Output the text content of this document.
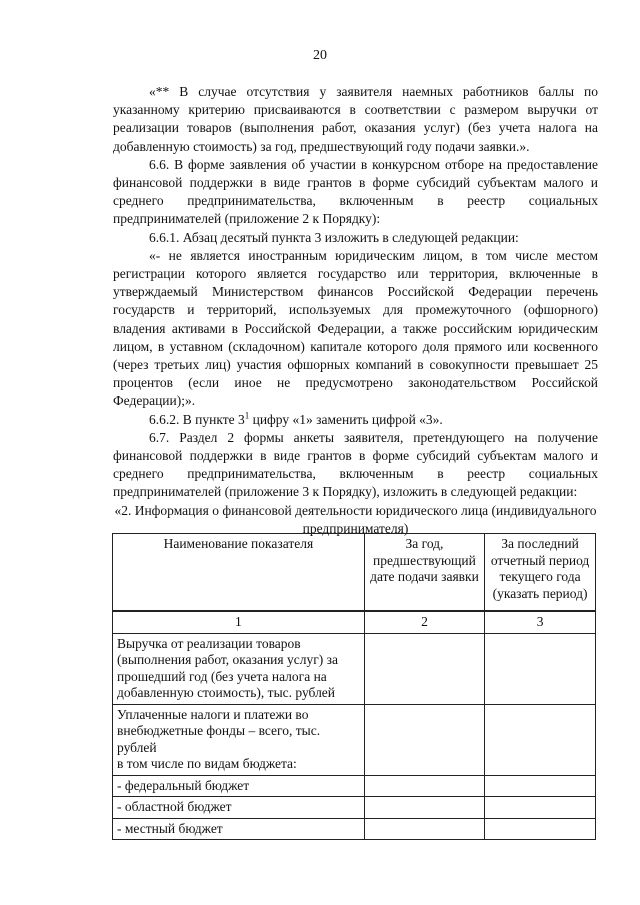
20

«** В случае отсутствия у заявителя наемных работников баллы по указанному критерию присваиваются в соответствии с размером выручки от реализации товаров (выполнения работ, оказания услуг) (без учета налога на добавленную стоимость) за год, предшествующий году подачи заявки.».

6.6. В форме заявления об участии в конкурсном отборе на предоставление финансовой поддержки в виде грантов в форме субсидий субъектам малого и среднего предпринимательства, включенным в реестр социальных предпринимателей (приложение 2 к Порядку):

6.6.1. Абзац десятый пункта 3 изложить в следующей редакции:

«- не является иностранным юридическим лицом, в том числе местом регистрации которого является государство или территория, включенные в утверждаемый Министерством финансов Российской Федерации перечень государств и территорий, используемых для промежуточного (офшорного) владения активами в Российской Федерации, а также российским юридическим лицом, в уставном (складочном) капитале которого доля прямого или косвенного (через третьих лиц) участия офшорных компаний в совокупности превышает 25 процентов (если иное не предусмотрено законодательством Российской Федерации);».

6.6.2. В пункте $3^1$ цифру «1» заменить цифрой «3».

6.7. Раздел 2 формы анкеты заявителя, претендующего на получение финансовой поддержки в виде грантов в форме субсидий субъектам малого и среднего предпринимательства, включенным в реестр социальных предпринимателей (приложение 3 к Порядку), изложить в следующей редакции:

«2. Информация о финансовой деятельности юридического лица (индивидуального предпринимателя)

Наименование показателя	За год, предшествующий дате подачи заявки	За последний отчетный период текущего года (указать период)
1	2	3
Выручка от реализации товаров (выполнения работ, оказания услуг) за прошедший год (без учета налога на добавленную стоимость), тыс. рублей		
Уплаченные налоги и платежи во внебюджетные фонды – всего, тыс. рублей
в том числе по видам бюджета:		
- федеральный бюджет		
- областной бюджет		
- местный бюджет		
